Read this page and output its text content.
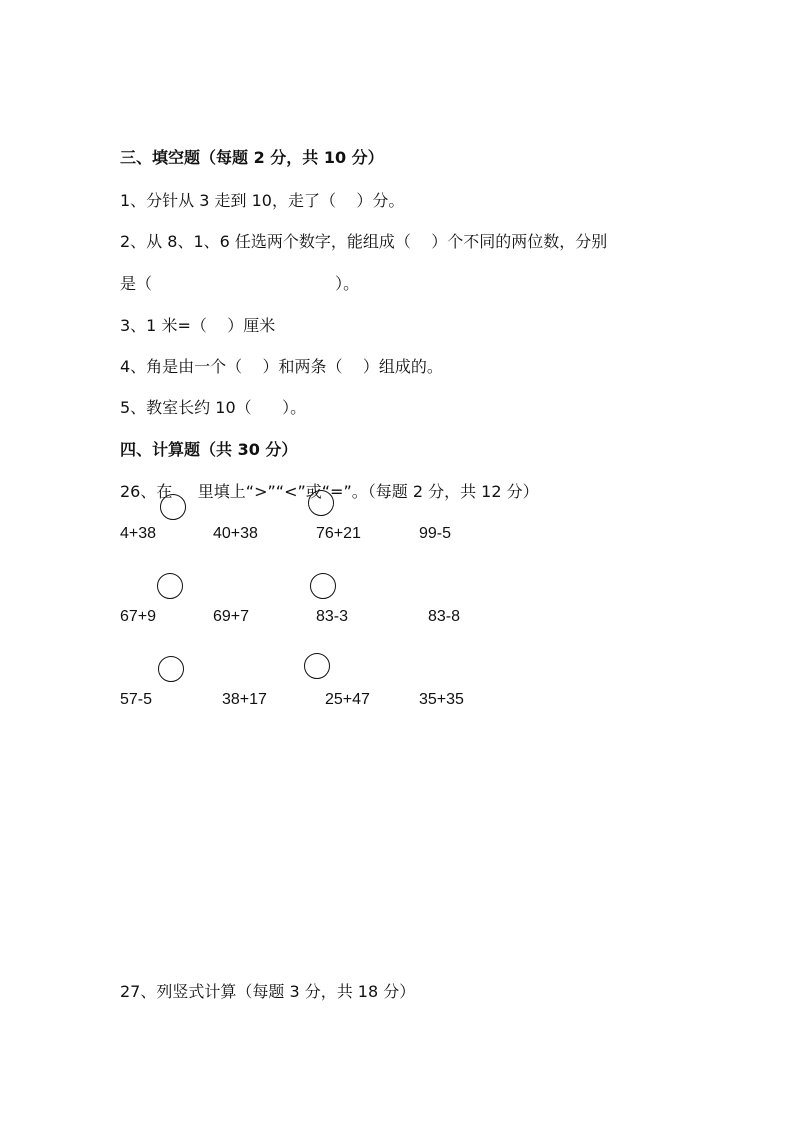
三、填空题（每题 2 分，共 10 分）
1、分针从 3 走到 10，走了（    ）分。
2、从 8、1、6 任选两个数字，能组成（    ）个不同的两位数，分别
是（                                    ）。
3、1 米=（    ）厘米
4、角是由一个（    ）和两条（    ）组成的。
5、教室长约 10（      ）。
四、计算题（共 30 分）
26、在     里填上“>”“<”或“=”。（每题 2 分，共 12 分）
4+38	40+38	76+21	99-5
67+9	69+7	83-3	83-8
57-5	38+17	25+47	35+35
27、列竖式计算（每题 3 分，共 18 分）
